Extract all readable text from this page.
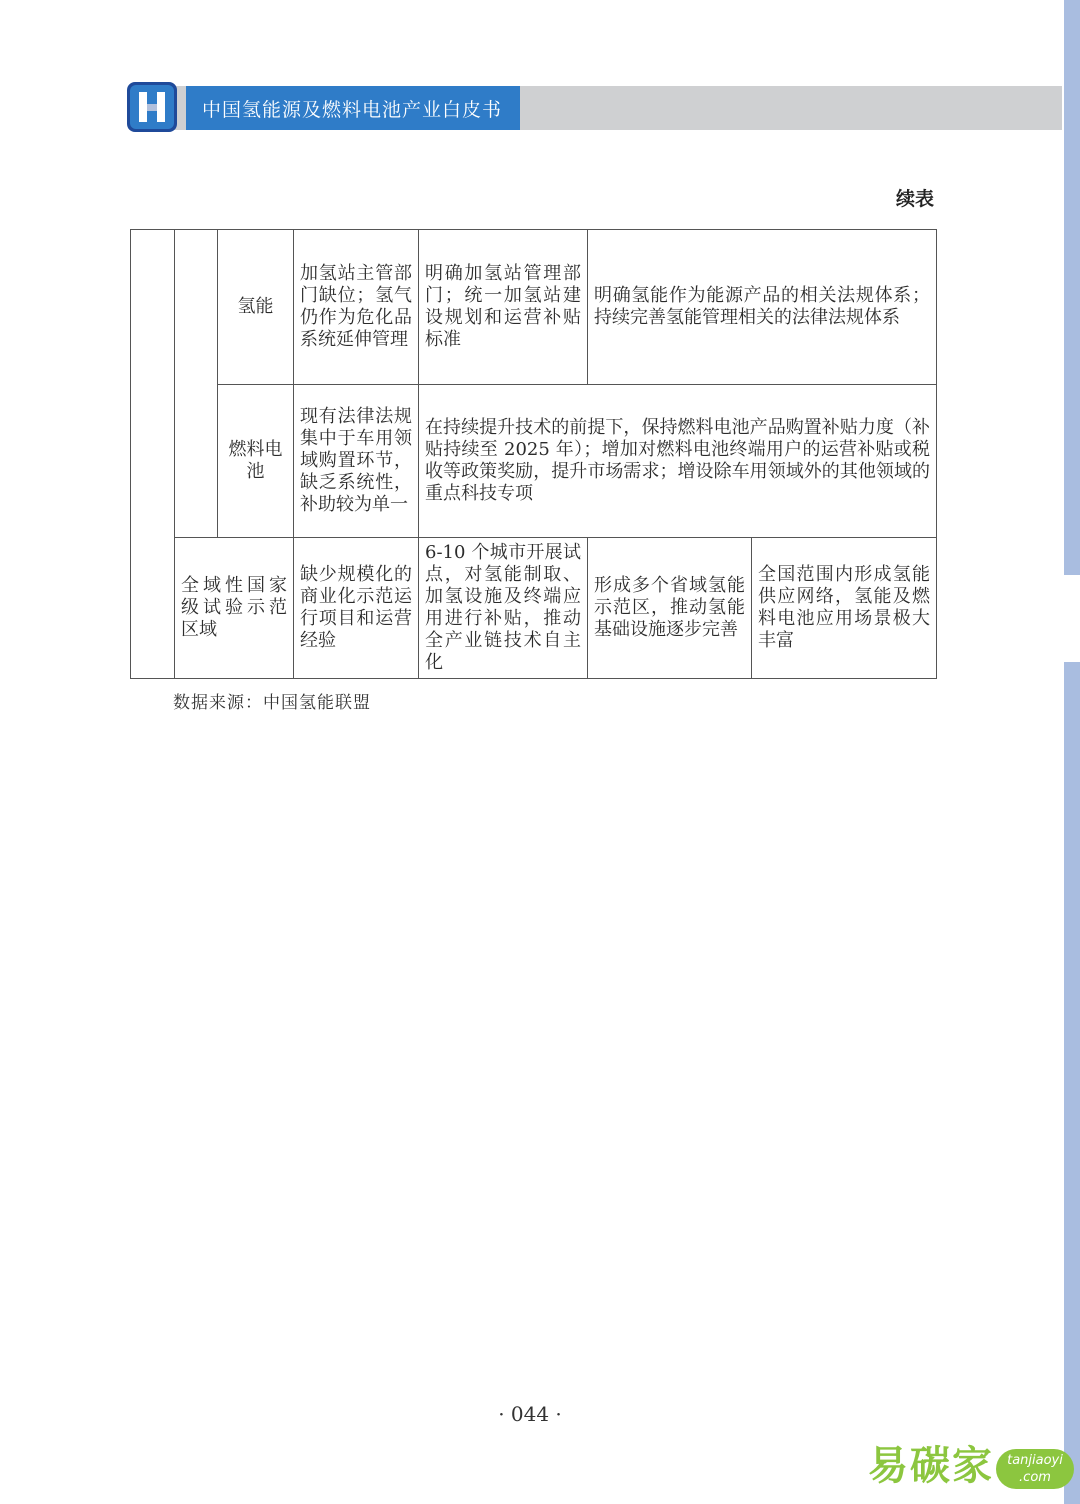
中国氢能源及燃料电池产业白皮书
续表
		氢能	加氢站主管部门缺位；氢气仍作为危化品系统延伸管理	明确加氢站管理部门；统一加氢站建设规划和运营补贴标准	明确氢能作为能源产品的相关法规体系；持续完善氢能管理相关的法律法规体系	
		燃料电池	现有法律法规集中于车用领域购置环节，缺乏系统性，补助较为单一	在持续提升技术的前提下，保持燃料电池产品购置补贴力度（补贴持续至 2025 年）；增加对燃料电池终端用户的运营补贴或税收等政策奖励，提升市场需求；增设除车用领域外的其他领域的重点科技专项		
	全域性国家级试验示范区域		缺少规模化的商业化示范运行项目和运营经验	6-10 个城市开展试点，对氢能制取、加氢设施及终端应用进行补贴，推动全产业链技术自主化	形成多个省域氢能示范区，推动氢能基础设施逐步完善	全国范围内形成氢能供应网络，氢能及燃料电池应用场景极大丰富
数据来源：中国氢能联盟
· 044 ·
易碳家	tanjiaoyi
.com
